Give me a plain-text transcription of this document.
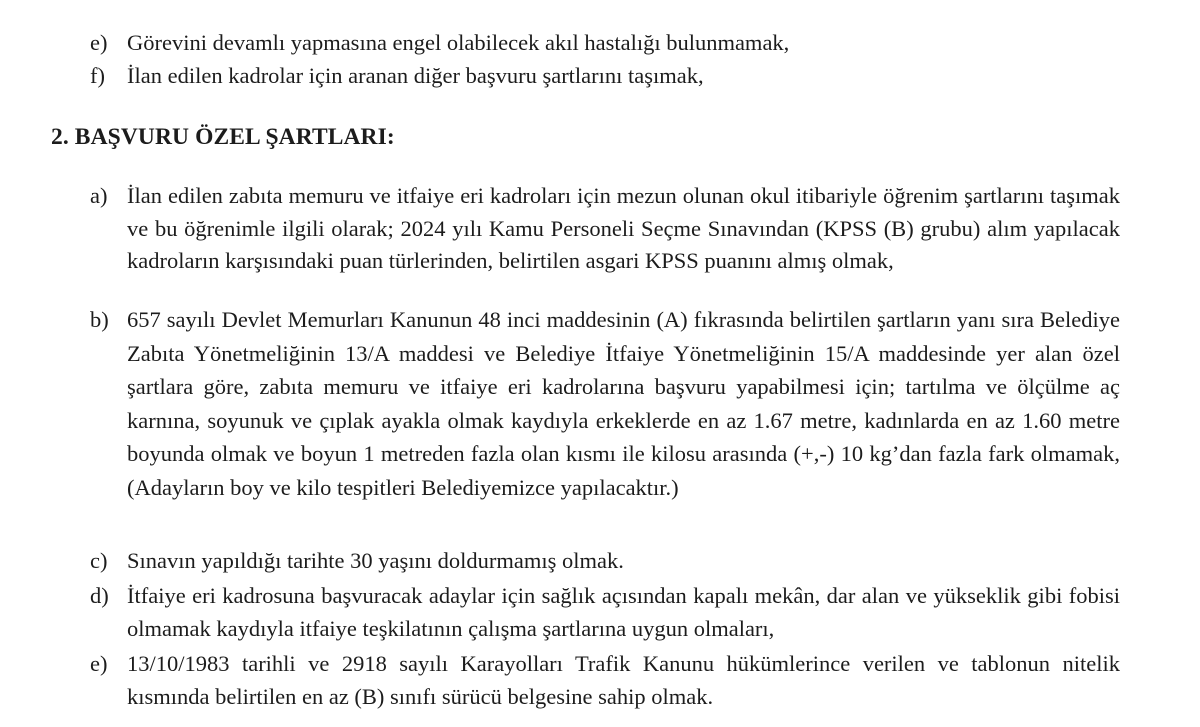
e) Görevini devamlı yapmasına engel olabilecek akıl hastalığı bulunmamak,
f) İlan edilen kadrolar için aranan diğer başvuru şartlarını taşımak,
2. BAŞVURU ÖZEL ŞARTLARI:
a) İlan edilen zabıta memuru ve itfaiye eri kadroları için mezun olunan okul itibariyle öğrenim şartlarını taşımak ve bu öğrenimle ilgili olarak; 2024 yılı Kamu Personeli Seçme Sınavından (KPSS (B) grubu) alım yapılacak kadroların karşısındaki puan türlerinden, belirtilen asgari KPSS puanını almış olmak,
b) 657 sayılı Devlet Memurları Kanunun 48 inci maddesinin (A) fıkrasında belirtilen şartların yanı sıra Belediye Zabıta Yönetmeliğinin 13/A maddesi ve Belediye İtfaiye Yönetmeliğinin 15/A maddesinde yer alan özel şartlara göre, zabıta memuru ve itfaiye eri kadrolarına başvuru yapabilmesi için; tartılma ve ölçülme aç karnına, soyunuk ve çıplak ayakla olmak kaydıyla erkeklerde en az 1.67 metre, kadınlarda en az 1.60 metre boyunda olmak ve boyun 1 metreden fazla olan kısmı ile kilosu arasında (+,-) 10 kg’dan fazla fark olmamak, (Adayların boy ve kilo tespitleri Belediyemizce yapılacaktır.)
c) Sınavın yapıldığı tarihte 30 yaşını doldurmamış olmak.
d) İtfaiye eri kadrosuna başvuracak adaylar için sağlık açısından kapalı mekân, dar alan ve yükseklik gibi fobisi olmamak kaydıyla itfaiye teşkilatının çalışma şartlarına uygun olmaları,
e) 13/10/1983 tarihli ve 2918 sayılı Karayolları Trafik Kanunu hükümlerince verilen ve tablonun nitelik kısmında belirtilen en az (B) sınıfı sürücü belgesine sahip olmak.
